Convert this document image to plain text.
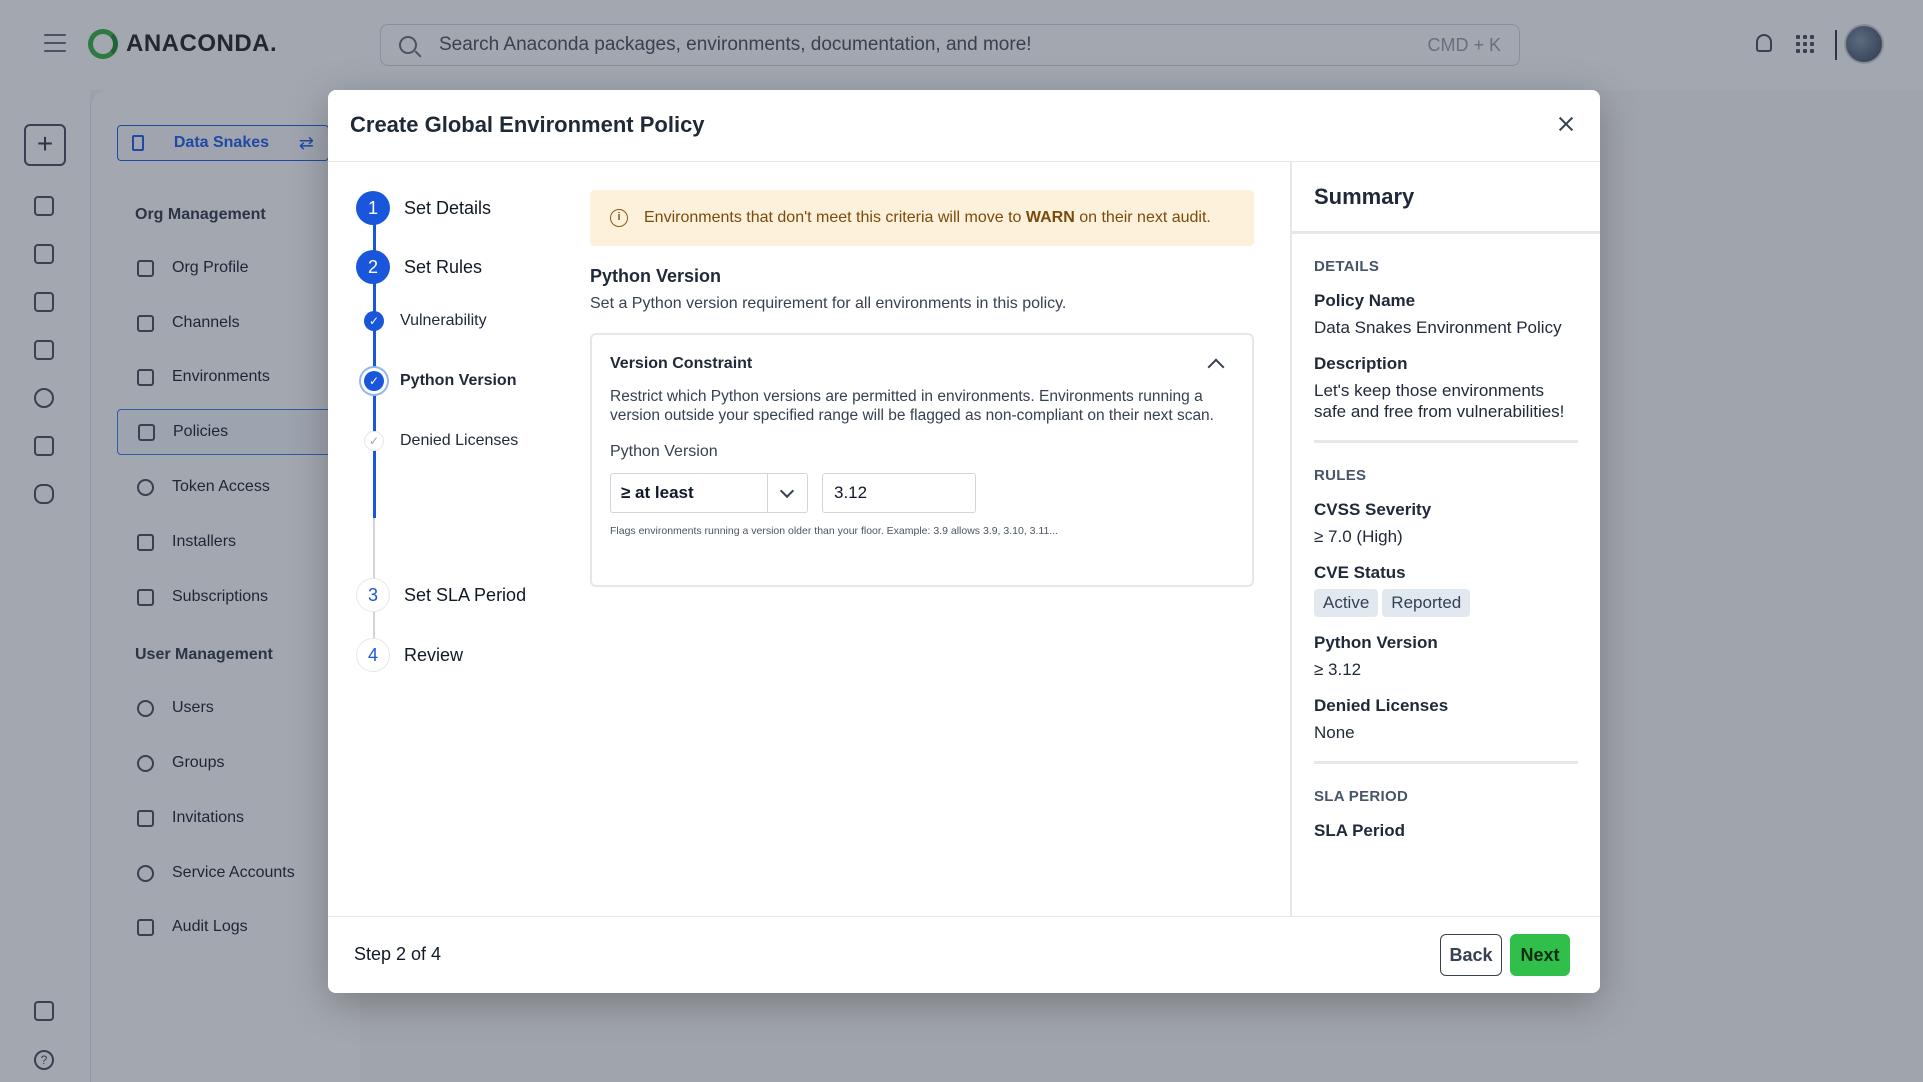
ANACONDA.	Search Anaconda packages, environments, documentation, and more!	CMD + K
+
?
Data Snakes	⇄
Org Management
Org Profile
Channels
Environments
Policies
Token Access
Installers
Subscriptions
User Management
Users
Groups
Invitations
Service Accounts
Audit Logs
Create Global Environment Policy
1	Set Details
2	Set Rules
✓	Vulnerability
✓	Python Version
✓	Denied Licenses
3	Set SLA Period
4	Review
i	Environments that don't meet this criteria will move to WARN on their next audit.
Python Version
Set a Python version requirement for all environments in this policy.
Version Constraint
Restrict which Python versions are permitted in environments. Environments running a version outside your specified range will be flagged as non-compliant on their next scan.
Python Version
≥ at least
3.12
Flags environments running a version older than your floor. Example: 3.9 allows 3.9, 3.10, 3.11...
Summary
DETAILS
Policy Name
Data Snakes Environment Policy
Description
Let's keep those environments safe and free from vulnerabilities!
RULES
CVSS Severity
≥ 7.0 (High)
CVE Status
Active	Reported
Python Version
≥ 3.12
Denied Licenses
None
SLA PERIOD
SLA Period
Step 2 of 4	Back	Next
